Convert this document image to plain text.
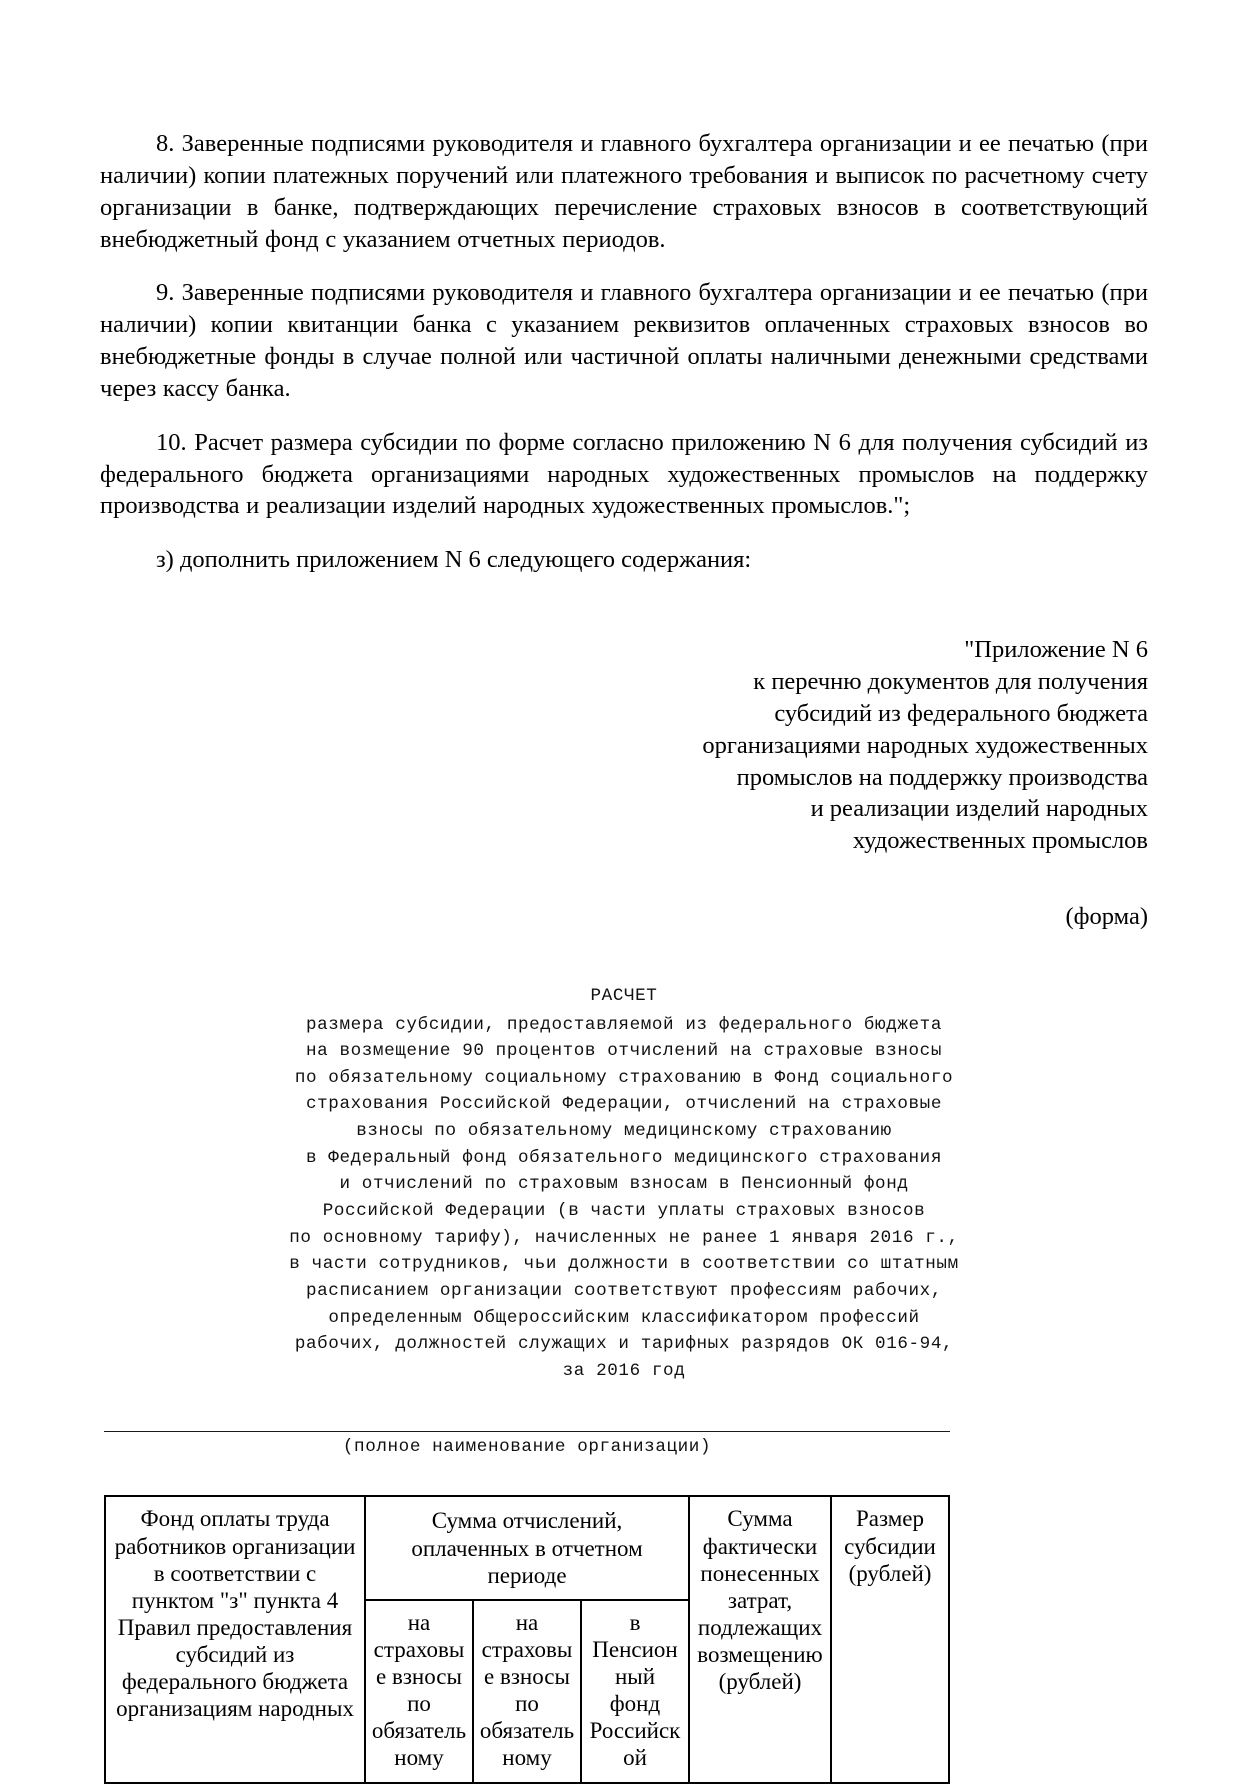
8. Заверенные подписями руководителя и главного бухгалтера организации и ее печатью (при наличии) копии платежных поручений или платежного требования и выписок по расчетному счету организации в банке, подтверждающих перечисление страховых взносов в соответствующий внебюджетный фонд с указанием отчетных периодов.

9. Заверенные подписями руководителя и главного бухгалтера организации и ее печатью (при наличии) копии квитанции банка с указанием реквизитов оплаченных страховых взносов во внебюджетные фонды в случае полной или частичной оплаты наличными денежными средствами через кассу банка.

10. Расчет размера субсидии по форме согласно приложению N 6 для получения субсидий из федерального бюджета организациями народных художественных промыслов на поддержку производства и реализации изделий народных художественных промыслов.";

з) дополнить приложением N 6 следующего содержания:

"Приложение N 6
к перечню документов для получения
субсидий из федерального бюджета
организациями народных художественных
промыслов на поддержку производства
и реализации изделий народных
художественных промыслов
(форма)
РАСЧЕТ
размера субсидии, предоставляемой из федерального бюджета
на возмещение 90 процентов отчислений на страховые взносы
по обязательному социальному страхованию в Фонд социального
страхования Российской Федерации, отчислений на страховые
взносы по обязательному медицинскому страхованию
в Федеральный фонд обязательного медицинского страхования
и отчислений по страховым взносам в Пенсионный фонд
Российской Федерации (в части уплаты страховых взносов
по основному тарифу), начисленных не ранее 1 января 2016 г.,
в части сотрудников, чьи должности в соответствии со штатным
расписанием организации соответствуют профессиям рабочих,
определенным Общероссийским классификатором профессий
рабочих, должностей служащих и тарифных разрядов ОК 016-94,
за 2016 год
(полное наименование организации)
Фонд оплаты труда работников организации в соответствии с пунктом "з" пункта 4 Правил предоставления субсидий из федерального бюджета организациям народных	Сумма отчислений, оплаченных в отчетном периоде			Сумма фактически понесенных затрат, подлежащих возмещению (рублей)	Размер субсидии (рублей)
	на страховые взносы по обязательному	на страховые взносы по обязательному	в Пенсионный фонд Российской		
